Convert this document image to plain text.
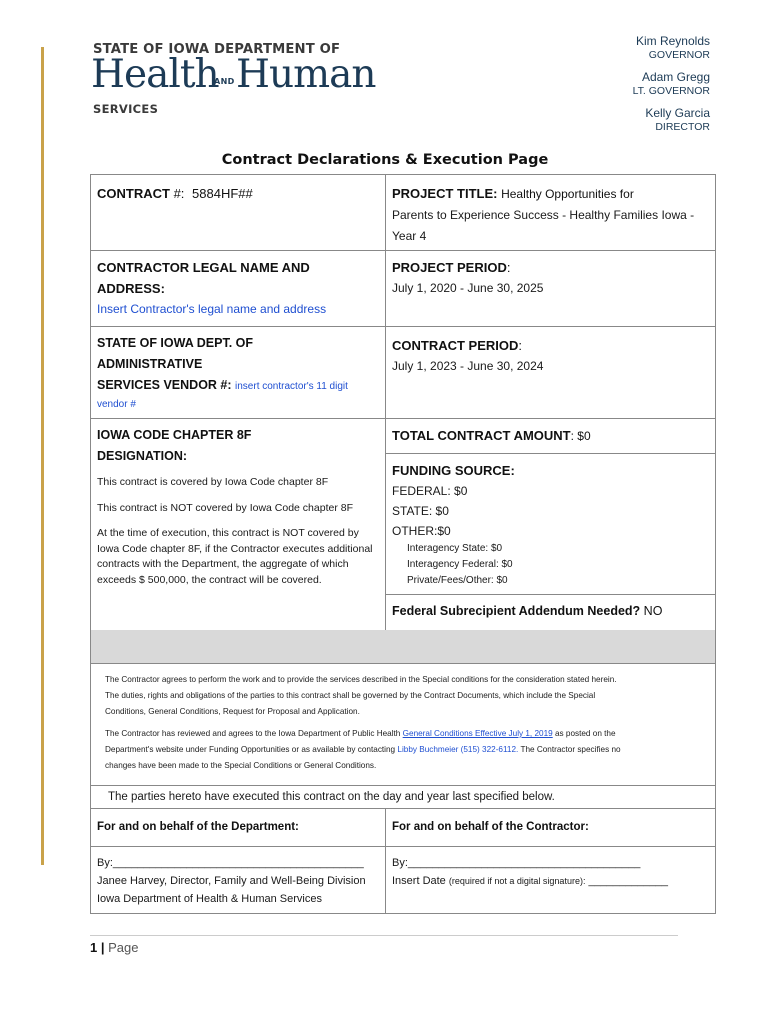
STATE OF IOWA DEPARTMENT OF
Health
AND Human
SERVICES
Kim Reynolds
GOVERNOR
Adam Gregg
LT. GOVERNOR
Kelly Garcia
DIRECTOR
Contract Declarations & Execution Page
CONTRACT #: 5884HF##	PROJECT TITLE: Healthy Opportunities for
Parents to Experience Success - Healthy Families Iowa -
Year 4
CONTRACTOR LEGAL NAME AND
ADDRESS:
Insert Contractor's legal name and address
PROJECT PERIOD:
July 1, 2020 - June 30, 2025
STATE OF IOWA DEPT. OF
ADMINISTRATIVE
SERVICES VENDOR #: insert contractor's 11 digit
vendor #
CONTRACT PERIOD:
July 1, 2023 - June 30, 2024
IOWA CODE CHAPTER 8F
DESIGNATION:
This contract is covered by Iowa Code chapter 8F
This contract is NOT covered by Iowa Code chapter 8F
At the time of execution, this contract is NOT covered by
Iowa Code chapter 8F, if the Contractor executes additional
contracts with the Department, the aggregate of which
exceeds $ 500,000, the contract will be covered.
TOTAL CONTRACT AMOUNT: $0
FUNDING SOURCE:
FEDERAL: $0
STATE: $0
OTHER:$0
Interagency State: $0
Interagency Federal: $0
Private/Fees/Other: $0
Federal Subrecipient Addendum Needed? NO

The Contractor agrees to perform the work and to provide the services described in the Special conditions for the consideration stated herein.
The duties, rights and obligations of the parties to this contract shall be governed by the Contract Documents, which include the Special
Conditions, General Conditions, Request for Proposal and Application.

The Contractor has reviewed and agrees to the Iowa Department of Public Health General Conditions Effective July 1, 2019 as posted on the
Department's website under Funding Opportunities or as available by contacting Libby Buchmeier (515) 322-6112. The Contractor specifies no
changes have been made to the Special Conditions or General Conditions.

The parties hereto have executed this contract on the day and year last specified below.
For and on behalf of the Department:	For and on behalf of the Contractor:
By:_________________________________________
Janee Harvey, Director, Family and Well-Being Division
Iowa Department of Health & Human Services
By:______________________________________
Insert Date (required if not a digital signature): _____________
1 | Page
